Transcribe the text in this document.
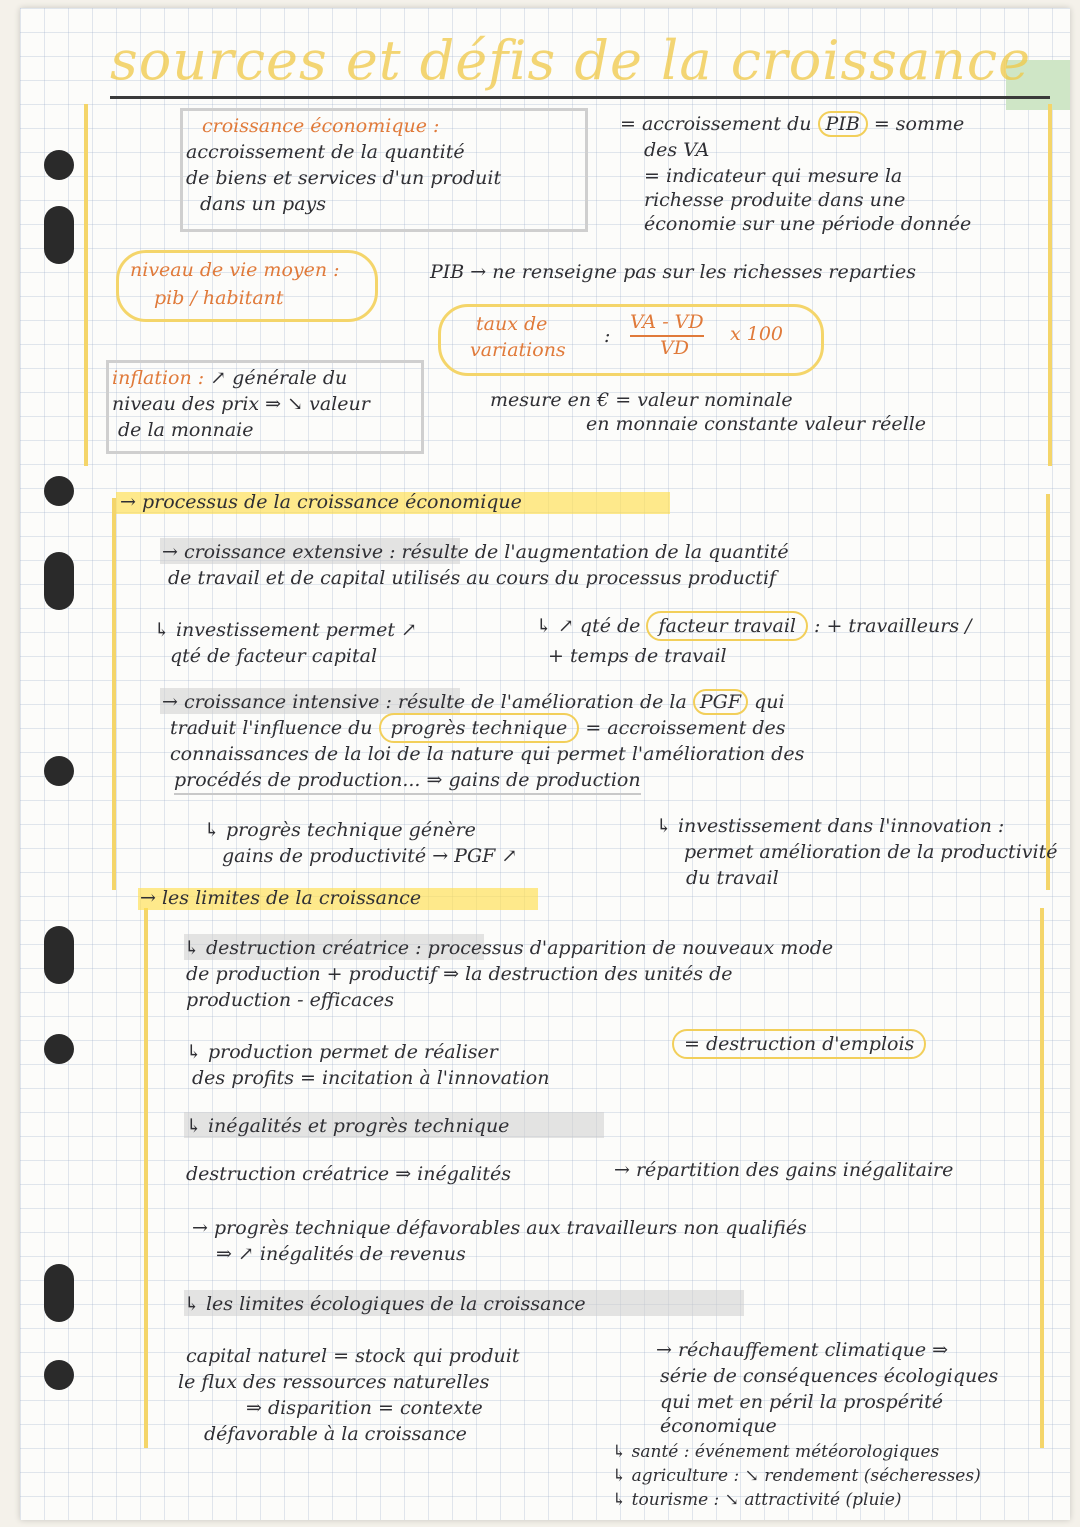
sources et défis de la croissance
croissance économique :
accroissement de la quantité
de biens et services d'un produit
dans un pays
= accroissement du PIB = somme
des VA
= indicateur qui mesure la
richesse produite dans une
économie sur une période donnée
niveau de vie moyen :
pib / habitant
PIB → ne renseigne pas sur les richesses reparties
taux de
variations
:
VA - VD
VD
x 100
inflation : ↗ générale du
niveau des prix ⇒ ↘ valeur
de la monnaie
mesure en € = valeur nominale
en monnaie constante valeur réelle
→ processus de la croissance économique
→ croissance extensive : résulte de l'augmentation de la quantité
de travail et de capital utilisés au cours du processus productif
↳ investissement permet ↗
qté de facteur capital
↳ ↗ qté de facteur travail : + travailleurs /
+ temps de travail
→ croissance intensive : résulte de l'amélioration de la PGF qui
traduit l'influence du progrès technique = accroissement des
connaissances de la loi de la nature qui permet l'amélioration des
procédés de production... ⇒ gains de production
↳ progrès technique génère
gains de productivité → PGF ↗
↳ investissement dans l'innovation :
permet amélioration de la productivité
du travail
→ les limites de la croissance
↳ destruction créatrice : processus d'apparition de nouveaux mode
de production + productif ⇒ la destruction des unités de
production - efficaces
↳ production permet de réaliser
des profits = incitation à l'innovation
= destruction d'emplois
↳ inégalités et progrès technique
destruction créatrice ⇒ inégalités	→ répartition des gains inégalitaire
→ progrès technique défavorables aux travailleurs non qualifiés
⇒ ↗ inégalités de revenus
↳ les limites écologiques de la croissance
capital naturel = stock qui produit
le flux des ressources naturelles
⇒ disparition = contexte
défavorable à la croissance
→ réchauffement climatique ⇒
série de conséquences écologiques
qui met en péril la prospérité
économique
↳ santé : événement météorologiques
↳ agriculture : ↘ rendement (sécheresses)
↳ tourisme : ↘ attractivité (pluie)
